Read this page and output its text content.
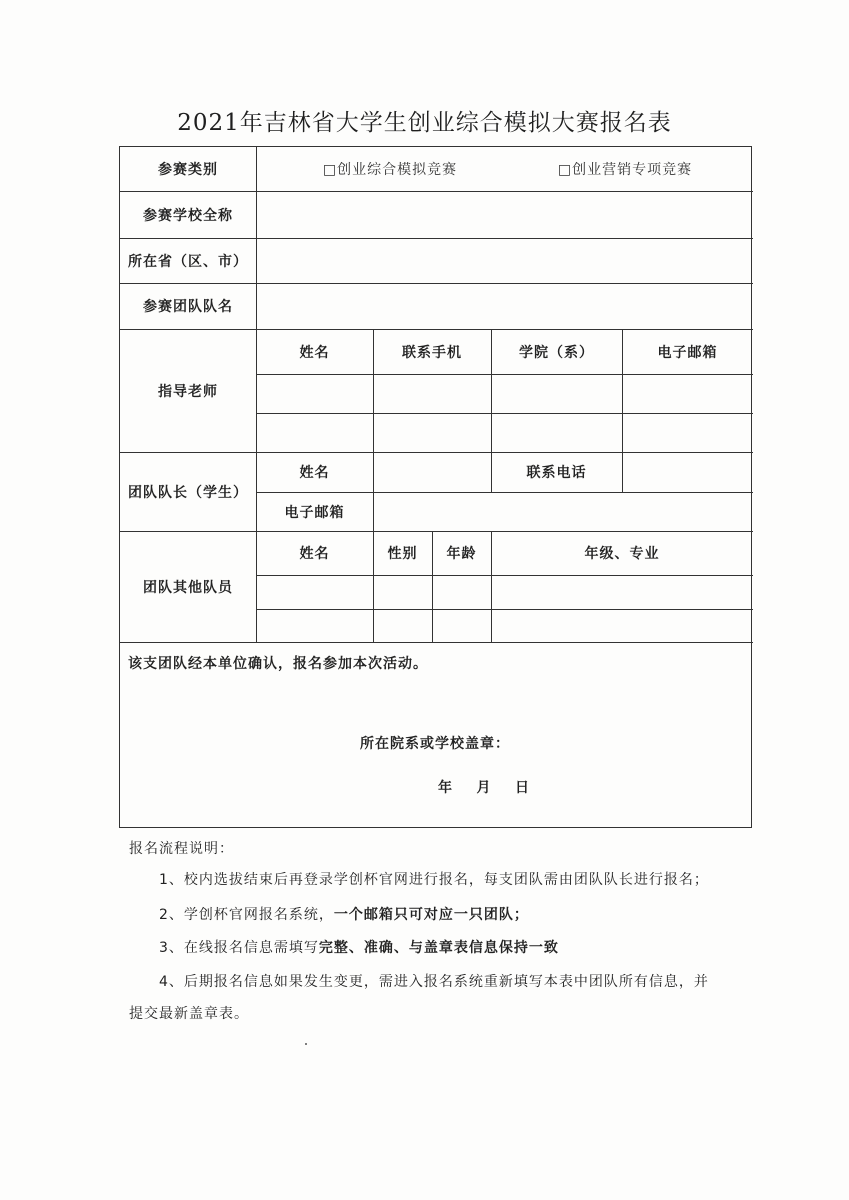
2021年吉林省大学生创业综合模拟大赛报名表
参赛类别	□创业综合模拟竞赛	□创业营销专项竞赛
参赛学校全称
所在省（区、市）
参赛团队队名
指导老师
姓名	联系手机	学院（系）	电子邮箱
团队队长（学生）
姓名	联系电话
电子邮箱
团队其他队员
姓名	性别	年龄	年级、专业
该支团队经本单位确认，报名参加本次活动。
所在院系或学校盖章：
年    月    日
报名流程说明：
1、校内选拔结束后再登录学创杯官网进行报名，每支团队需由团队队长进行报名；
2、学创杯官网报名系统，一个邮箱只可对应一只团队；
3、在线报名信息需填写完整、准确、与盖章表信息保持一致
4、后期报名信息如果发生变更，需进入报名系统重新填写本表中团队所有信息，并
提交最新盖章表。
